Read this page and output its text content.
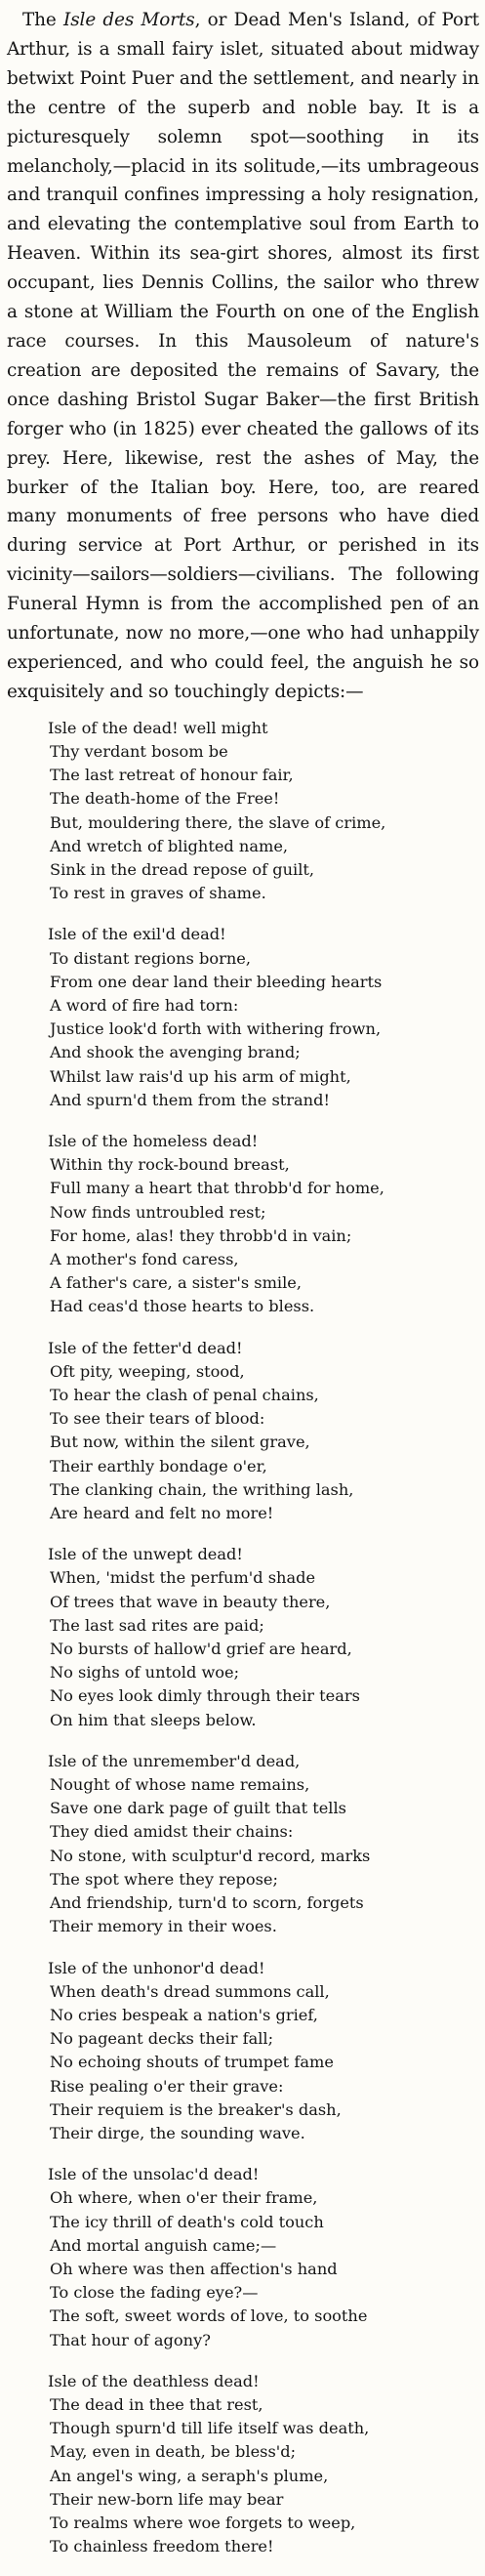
The Isle des Morts, or Dead Men's Island, of Port Arthur, is a small fairy islet, situated about midway betwixt Point Puer and the settlement, and nearly in the centre of the superb and noble bay. It is a picturesquely solemn spot—soothing in its melancholy,—placid in its solitude,—its umbrageous and tranquil confines impressing a holy resignation, and elevating the contemplative soul from Earth to Heaven. Within its sea-girt shores, almost its first occupant, lies Dennis Collins, the sailor who threw a stone at William the Fourth on one of the English race courses. In this Mausoleum of nature's creation are deposited the remains of Savary, the once dashing Bristol Sugar Baker—the first British forger who (in 1825) ever cheated the gallows of its prey. Here, likewise, rest the ashes of May, the burker of the Italian boy. Here, too, are reared many monuments of free persons who have died during service at Port Arthur, or perished in its vicinity—sailors—soldiers—civilians. The following Funeral Hymn is from the accomplished pen of an unfortunate, now no more,—one who had unhappily experienced, and who could feel, the anguish he so exquisitely and so touchingly depicts:—

Isle of the dead! well might
Thy verdant bosom be
The last retreat of honour fair,
The death-home of the Free!
But, mouldering there, the slave of crime,
And wretch of blighted name,
Sink in the dread repose of guilt,
To rest in graves of shame.
Isle of the exil'd dead!
To distant regions borne,
From one dear land their bleeding hearts
A word of fire had torn:
Justice look'd forth with withering frown,
And shook the avenging brand;
Whilst law rais'd up his arm of might,
And spurn'd them from the strand!
Isle of the homeless dead!
Within thy rock-bound breast,
Full many a heart that throbb'd for home,
Now finds untroubled rest;
For home, alas! they throbb'd in vain;
A mother's fond caress,
A father's care, a sister's smile,
Had ceas'd those hearts to bless.
Isle of the fetter'd dead!
Oft pity, weeping, stood,
To hear the clash of penal chains,
To see their tears of blood:
But now, within the silent grave,
Their earthly bondage o'er,
The clanking chain, the writhing lash,
Are heard and felt no more!
Isle of the unwept dead!
When, 'midst the perfum'd shade
Of trees that wave in beauty there,
The last sad rites are paid;
No bursts of hallow'd grief are heard,
No sighs of untold woe;
No eyes look dimly through their tears
On him that sleeps below.
Isle of the unremember'd dead,
Nought of whose name remains,
Save one dark page of guilt that tells
They died amidst their chains:
No stone, with sculptur'd record, marks
The spot where they repose;
And friendship, turn'd to scorn, forgets
Their memory in their woes.
Isle of the unhonor'd dead!
When death's dread summons call,
No cries bespeak a nation's grief,
No pageant decks their fall;
No echoing shouts of trumpet fame
Rise pealing o'er their grave:
Their requiem is the breaker's dash,
Their dirge, the sounding wave.
Isle of the unsolac'd dead!
Oh where, when o'er their frame,
The icy thrill of death's cold touch
And mortal anguish came;—
Oh where was then affection's hand
To close the fading eye?—
The soft, sweet words of love, to soothe
That hour of agony?
Isle of the deathless dead!
The dead in thee that rest,
Though spurn'd till life itself was death,
May, even in death, be bless'd;
An angel's wing, a seraph's plume,
Their new-born life may bear
To realms where woe forgets to weep,
To chainless freedom there!
